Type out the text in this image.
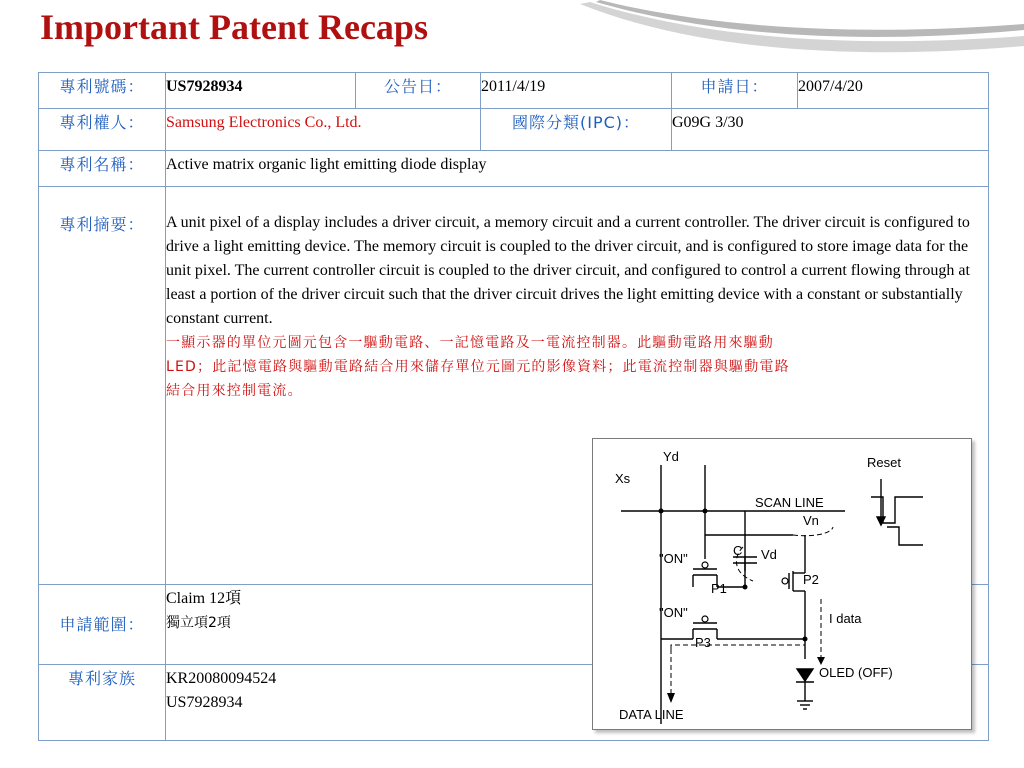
Important Patent Recaps
專利號碼：	US7928934	公告日：	2011/4/19	申請日：	2007/4/20
專利權人：	Samsung Electronics Co., Ltd.		國際分類(IPC)：	G09G 3/30	
專利名稱：	Active matrix organic light emitting diode display				
專利摘要：	A unit pixel of a display includes a driver circuit, a memory circuit and a current controller. The driver circuit is configured to drive a light emitting device. The memory circuit is coupled to the driver circuit, and is configured to store image data for the unit pixel. The current controller circuit is coupled to the driver circuit, and configured to control a current flowing through at least a portion of the driver circuit such that the driver circuit drives the light emitting device with a constant or substantially constant current.
一顯示器的單位元圖元包含一驅動電路、一記憶電路及一電流控制器。此驅動電路用來驅動
LED；此記憶電路與驅動電路結合用來儲存單位元圖元的影像資料；此電流控制器與驅動電路
結合用來控制電流。				

申請範圍：	Claim 12項
獨立項2項				

專利家族	KR20080094524
US7928934				
Yd
Xs
Reset
SCAN LINE
Vn
C Vd
"ON"
"ON"
P1
P2
P3
I data
OLED (OFF)
DATA LINE
